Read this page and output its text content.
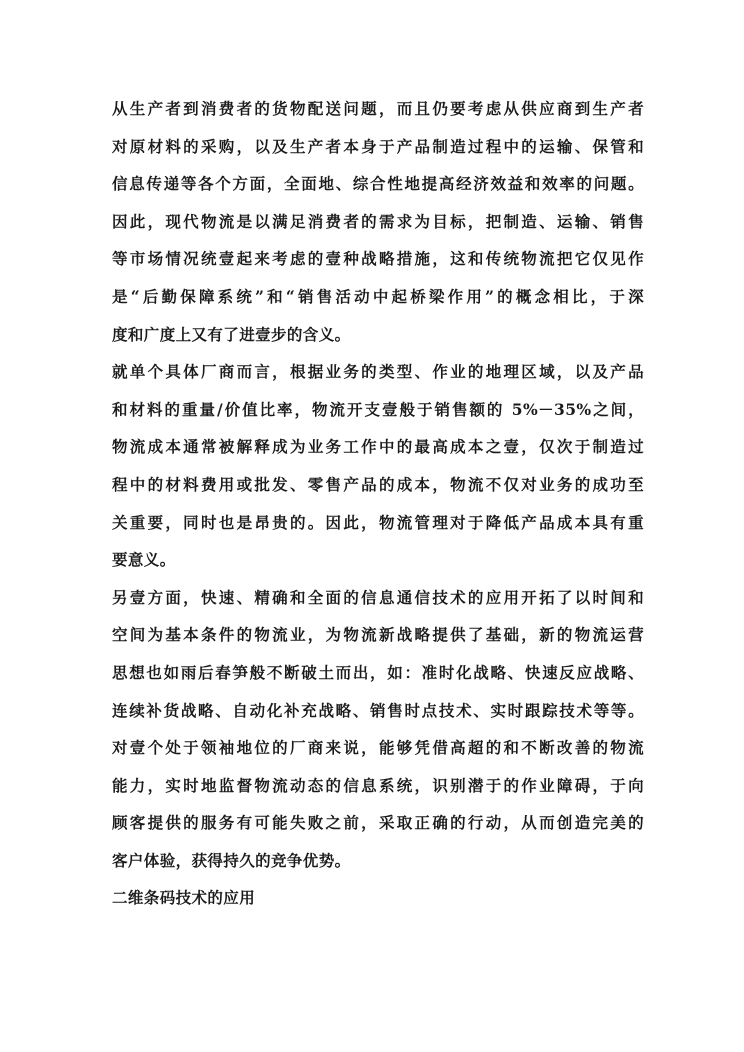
从生产者到消费者的货物配送问题，而且仍要考虑从供应商到生产者
对原材料的采购，以及生产者本身于产品制造过程中的运输、保管和
信息传递等各个方面，全面地、综合性地提高经济效益和效率的问题。
因此，现代物流是以满足消费者的需求为目标，把制造、运输、销售
等市场情况统壹起来考虑的壹种战略措施，这和传统物流把它仅见作
是“后勤保障系统”和“销售活动中起桥梁作用”的概念相比，于深
度和广度上又有了进壹步的含义。
就单个具体厂商而言，根据业务的类型、作业的地理区域，以及产品
和材料的重量/价值比率，物流开支壹般于销售额的 5%－35%之间，
物流成本通常被解释成为业务工作中的最高成本之壹，仅次于制造过
程中的材料费用或批发、零售产品的成本，物流不仅对业务的成功至
关重要，同时也是昂贵的。因此，物流管理对于降低产品成本具有重
要意义。
另壹方面，快速、精确和全面的信息通信技术的应用开拓了以时间和
空间为基本条件的物流业，为物流新战略提供了基础，新的物流运营
思想也如雨后春笋般不断破土而出，如：准时化战略、快速反应战略、
连续补货战略、自动化补充战略、销售时点技术、实时跟踪技术等等。
对壹个处于领袖地位的厂商来说，能够凭借高超的和不断改善的物流
能力，实时地监督物流动态的信息系统，识别潜于的作业障碍，于向
顾客提供的服务有可能失败之前，采取正确的行动，从而创造完美的
客户体验，获得持久的竞争优势。
二维条码技术的应用
